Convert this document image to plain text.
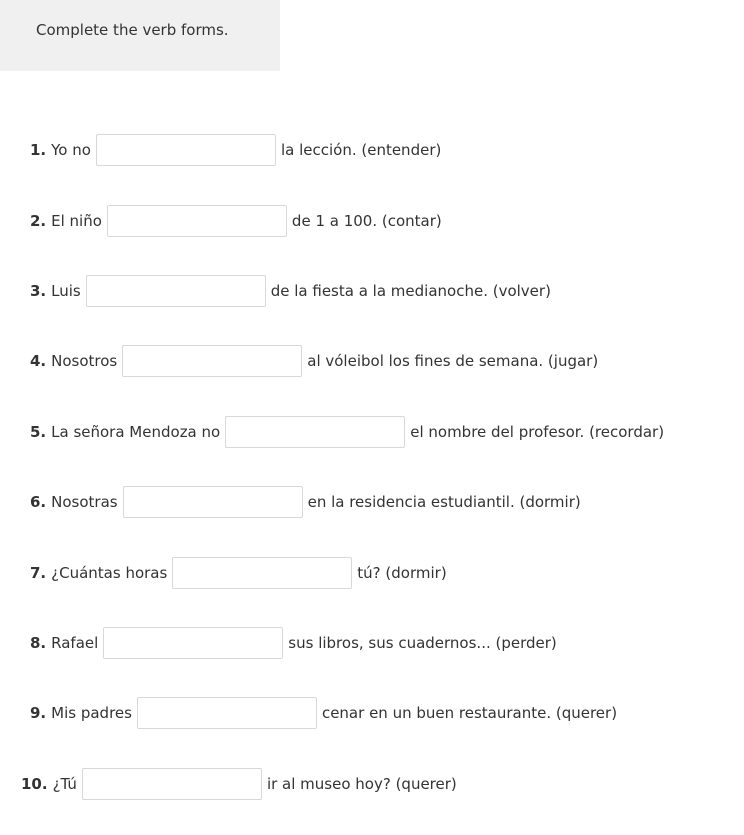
Complete the verb forms.
1. Yo no	la lección. (entender)
2. El niño	de 1 a 100. (contar)
3. Luis	de la fiesta a la medianoche. (volver)
4. Nosotros	al vóleibol los fines de semana. (jugar)
5. La señora Mendoza no	el nombre del profesor. (recordar)
6. Nosotras	en la residencia estudiantil. (dormir)
7. ¿Cuántas horas	tú? (dormir)
8. Rafael	sus libros, sus cuadernos... (perder)
9. Mis padres	cenar en un buen restaurante. (querer)
10. ¿Tú	ir al museo hoy? (querer)
